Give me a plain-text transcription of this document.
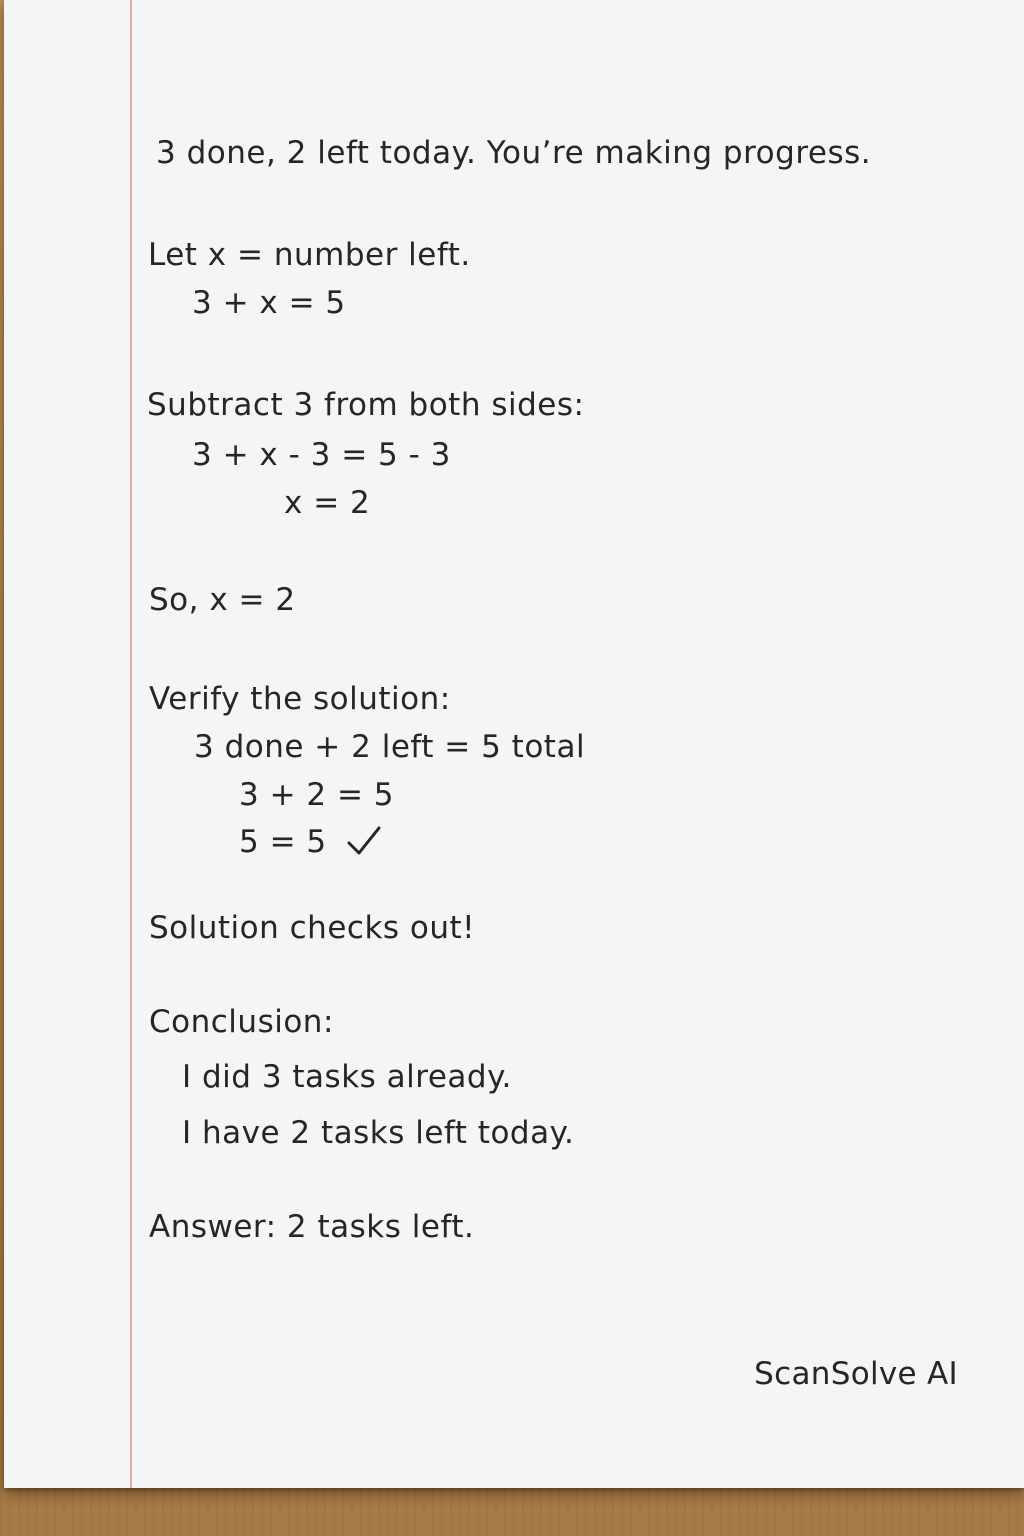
3 done, 2 left today. You’re making progress.
Let x = number left.
3 + x = 5
Subtract 3 from both sides:
3 + x - 3 = 5 - 3
x = 2
So, x = 2
Verify the solution:
3 done + 2 left = 5 total
3 + 2 = 5
5 = 5
Solution checks out!
Conclusion:
I did 3 tasks already.
I have 2 tasks left today.
Answer: 2 tasks left.
ScanSolve AI
